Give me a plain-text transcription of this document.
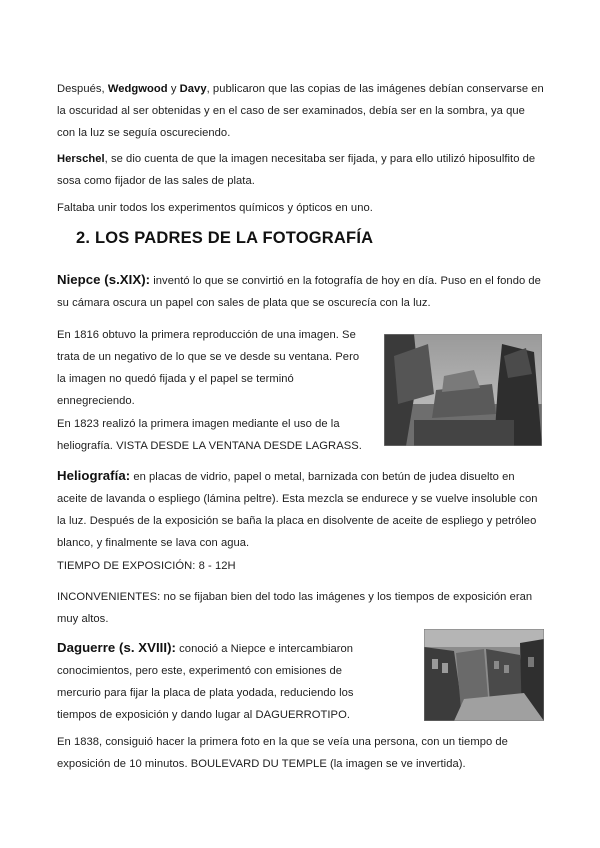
Después, Wedgwood y Davy, publicaron que las copias de las imágenes debían conservarse en la oscuridad al ser obtenidas y en el caso de ser examinados, debía ser en la sombra, ya que con la luz se seguía oscureciendo.

Herschel, se dio cuenta de que la imagen necesitaba ser fijada, y para ello utilizó hiposulfito de sosa como fijador de las sales de plata.

Faltaba unir todos los experimentos químicos y ópticos en uno.

2. LOS PADRES DE LA FOTOGRAFÍA

Niepce (s.XIX): inventó lo que se convirtió en la fotografía de hoy en día. Puso en el fondo de su cámara oscura un papel con sales de plata que se oscurecía con la luz.

En 1816 obtuvo la primera reproducción de una imagen. Se trata de un negativo de lo que se ve desde su ventana. Pero la imagen no quedó fijada y el papel se terminó ennegreciendo.

En 1823 realizó la primera imagen mediante el uso de la heliografía. VISTA DESDE LA VENTANA DESDE LAGRASS.

Heliografía: en placas de vidrio, papel o metal, barnizada con betún de judea disuelto en aceite de lavanda o espliego (lámina peltre). Esta mezcla se endurece y se vuelve insoluble con la luz. Después de la exposición se baña la placa en disolvente de aceite de espliego y petróleo blanco, y finalmente se lava con agua.

TIEMPO DE EXPOSICIÓN: 8 - 12H

INCONVENIENTES: no se fijaban bien del todo las imágenes y los tiempos de exposición eran muy altos.

Daguerre (s. XVIII): conoció a Niepce e intercambiaron conocimientos, pero este, experimentó con emisiones de mercurio para fijar la placa de plata yodada, reduciendo los tiempos de exposición y dando lugar al DAGUERROTIPO.

En 1838, consiguió hacer la primera foto en la que se veía una persona, con un tiempo de exposición de 10 minutos. BOULEVARD DU TEMPLE (la imagen se ve invertida).
